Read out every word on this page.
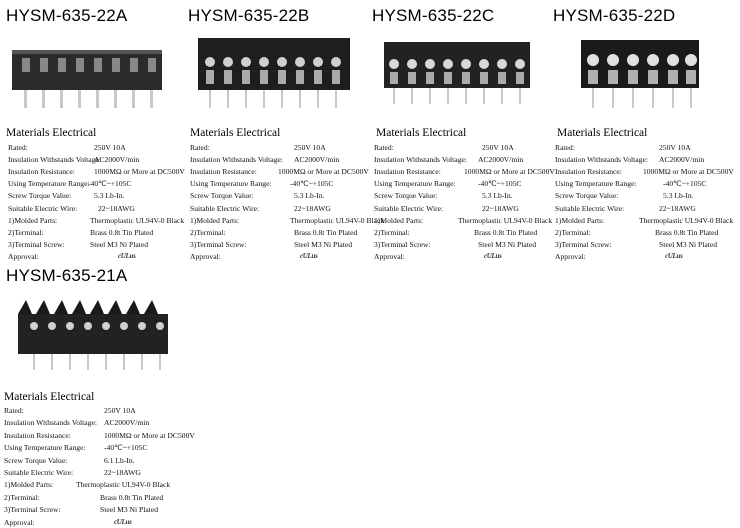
HYSM-635-22A
Materials Electrical
Rated:	250V 10A
Insulation Withstands Voltage:
AC2000V/min
Insulation Resistance:	1000MΩ or More at DC500V
Using Temperature Range:
-40℃~+105C
Screw Torque Value:	5.3 Lb-In.
Suitable Electric Wire:	22~18AWG
1)Molded Parts:	Thermoplastic UL94V-0 Black
2)Terminal:	Brass 0.8t Tin Plated
3)Terminal Screw:	Steel M3 Ni Plated
Approval:	cULus
HYSM-635-22B
Materials Electrical
Rated:	250V 10A
Insulation Withstands Voltage: AC2000V/min
Insulation Resistance:	1000MΩ or More at DC500V
Using Temperature Range: -40℃~+105C
Screw Torque Value:	5.3 Lb-In.
Suitable Electric Wire:	22~18AWG
1)Molded Parts:	Thermoplastic UL94V-0 Black
2)Terminal:	Brass 0.8t Tin Plated
3)Terminal Screw:	Steel M3 Ni Plated
Approval:	cULus
HYSM-635-22C
Materials Electrical
Rated:	250V 10A
Insulation Withstands Voltage: AC2000V/min
Insulation Resistance:	1000MΩ or More at DC500V
Using Temperature Range:	-40℃~+105C
Screw Torque Value:	5.3 Lb-In.
Suitable Electric Wire:	22~18AWG
1)Molded Parts:	Thermoplastic UL94V-0 Black
2)Terminal:	Brass 0.8t Tin Plated
3)Terminal Screw:	Steel M3 Ni Plated
Approval:	cULus
HYSM-635-22D
Materials Electrical
Rated:	250V 10A
Insulation Withstands Voltage: AC2000V/min
Insulation Resistance:	1000MΩ or More at DC500V
Using Temperature Range:	-40℃~+105C
Screw Torque Value:	5.3 Lb-In.
Suitable Electric Wire:	22~18AWG
1)Molded Parts:	Thermoplastic UL94V-0 Black
2)Terminal:	Brass 0.8t Tin Plated
3)Terminal Screw:	Steel M3 Ni Plated
Approval:	cULus
HYSM-635-21A
Materials Electrical
Rated:	250V 10A
Insulation Withstands Voltage: AC2000V/min
Insulation Resistance:	1000MΩ or More at DC500V
Using Temperature Range: -40℃~+105C
Screw Torque Value:	6.1 Lb-In.
Suitable Electric Wire:	22~18AWG
1)Molded Parts:	Thermoplastic UL94V-0 Black
2)Terminal:	Brass 0.8t Tin Plated
3)Terminal Screw:	Steel M3 Ni Plated
Approval:	cULus
